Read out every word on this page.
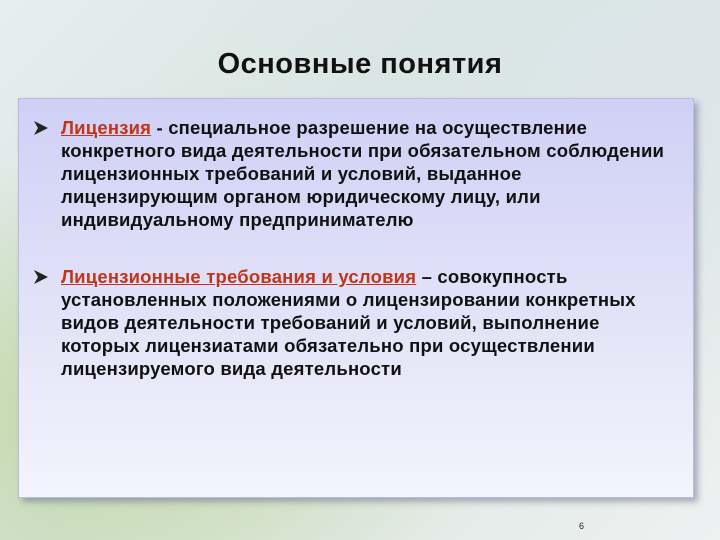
Основные понятия
Лицензия - специальное разрешение на осуществление конкретного вида деятельности при обязательном соблюдении лицензионных требований и условий, выданное лицензирующим органом юридическому лицу, или индивидуальному предпринимателю
Лицензионные требования и условия – совокупность установленных положениями о лицензировании конкретных видов деятельности требований и условий, выполнение которых лицензиатами обязательно при осуществлении лицензируемого вида деятельности
6
